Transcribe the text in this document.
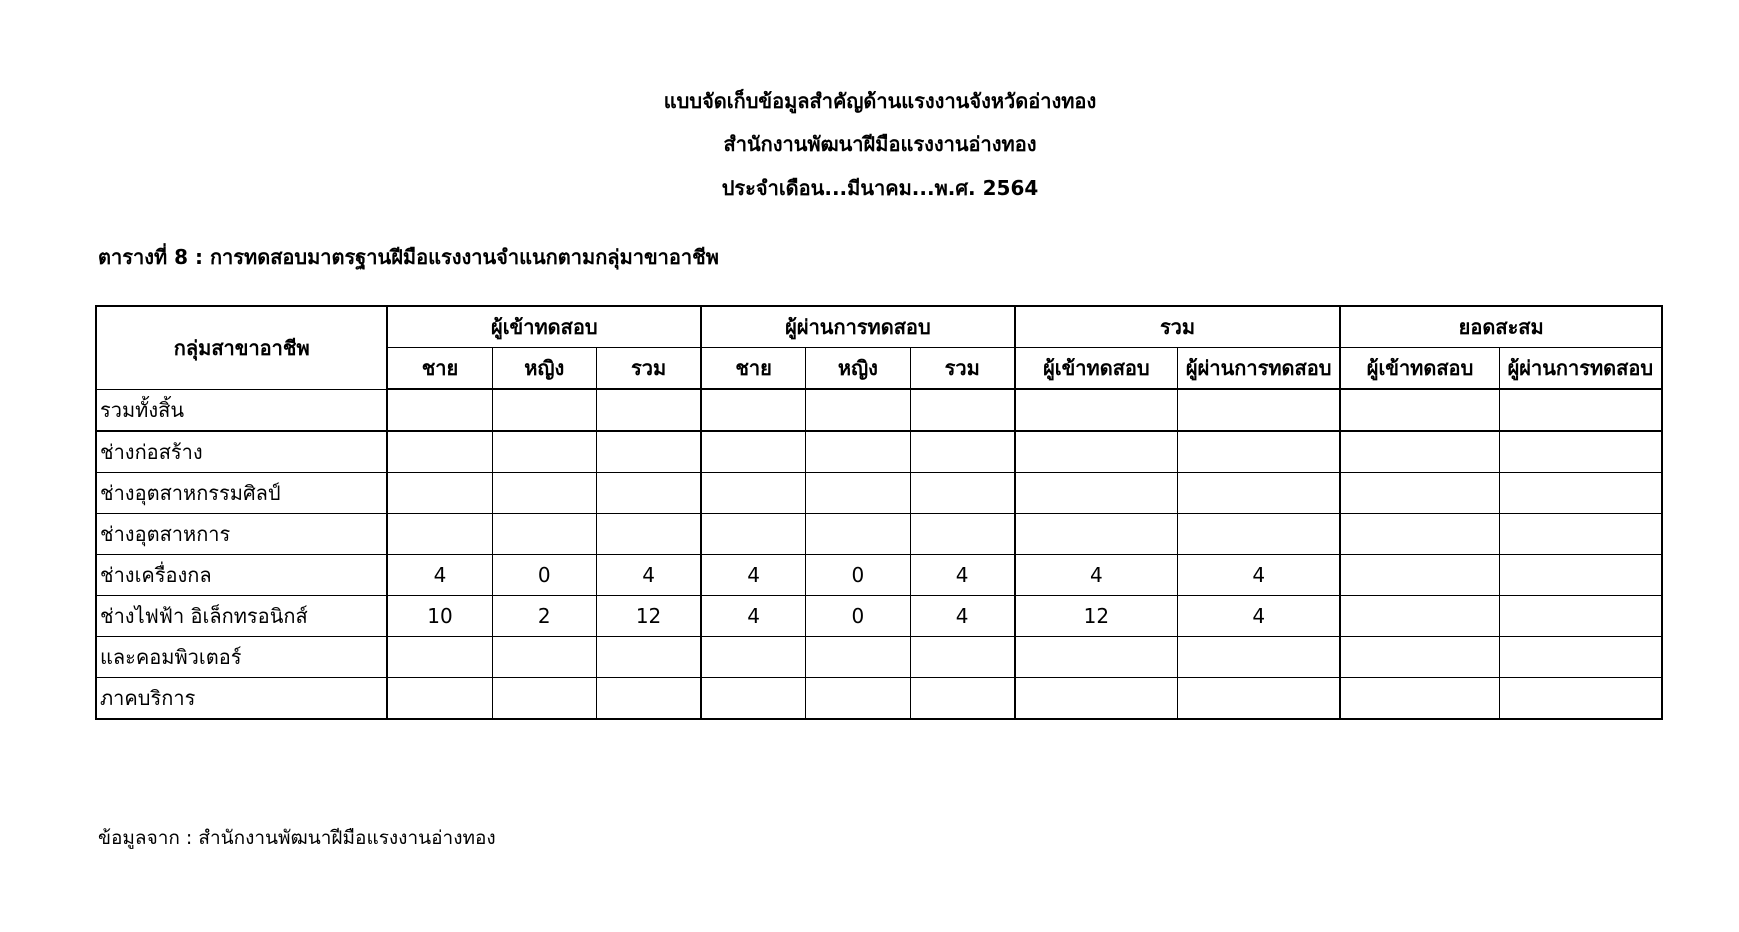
แบบจัดเก็บข้อมูลสำคัญด้านแรงงานจังหวัดอ่างทอง
สำนักงานพัฒนาฝีมือแรงงานอ่างทอง
ประจำเดือน...มีนาคม...พ.ศ. 2564
ตารางที่ 8 : การทดสอบมาตรฐานฝีมือแรงงานจำแนกตามกลุ่มาขาอาชีพ
กลุ่มสาขาอาชีพ	ผู้เข้าทดสอบ			ผู้ผ่านการทดสอบ			รวม		ยอดสะสม	
	ชาย	หญิง	รวม	ชาย	หญิง	รวม	ผู้เข้าทดสอบ	ผู้ผ่านการทดสอบ	ผู้เข้าทดสอบ	ผู้ผ่านการทดสอบ
รวมทั้งสิ้น										
ช่างก่อสร้าง										
ช่างอุตสาหกรรมศิลป์										
ช่างอุตสาหการ										
ช่างเครื่องกล	4	0	4	4	0	4	4	4		
ช่างไฟฟ้า อิเล็กทรอนิกส์	10	2	12	4	0	4	12	4		
และคอมพิวเตอร์										
ภาคบริการ										
ข้อมูลจาก : สำนักงานพัฒนาฝีมือแรงงานอ่างทอง
